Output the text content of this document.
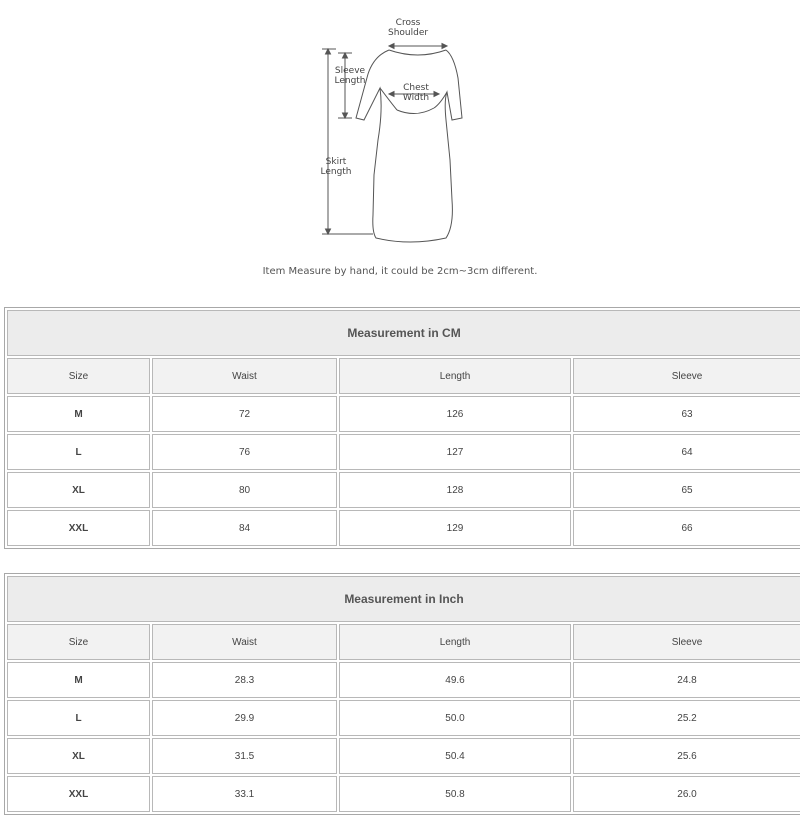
Cross
Shoulder
Sleeve
Length
Chest
Width
Skirt
Length
Item Measure by hand, it could be 2cm~3cm different.
Measurement in CM			
Size	Waist	Length	Sleeve
M	72	126	63
L	76	127	64
XL	80	128	65
XXL	84	129	66
Measurement in Inch			
Size	Waist	Length	Sleeve
M	28.3	49.6	24.8
L	29.9	50.0	25.2
XL	31.5	50.4	25.6
XXL	33.1	50.8	26.0
